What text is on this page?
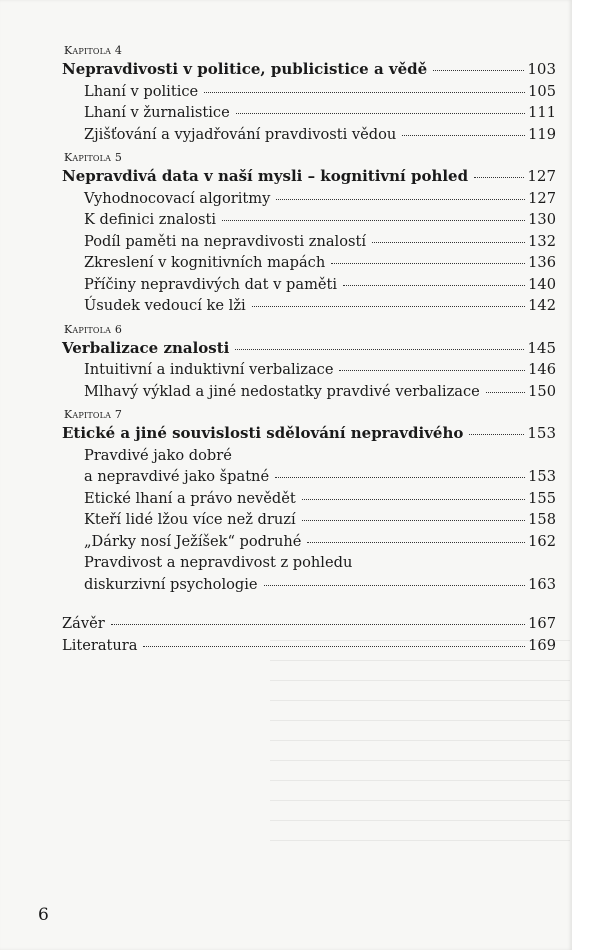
Kapitola 4
Nepravdivosti v politice, publicistice a vědě	103
Lhaní v politice	105
Lhaní v žurnalistice	111
Zjišťování a vyjadřování pravdivosti vědou	119
Kapitola 5
Nepravdivá data v naší mysli – kognitivní pohled	127
Vyhodnocovací algoritmy	127
K definici znalosti	130
Podíl paměti na nepravdivosti znalostí	132
Zkreslení v kognitivních mapách	136
Příčiny nepravdivých dat v paměti	140
Úsudek vedoucí ke lži	142
Kapitola 6
Verbalizace znalosti	145
Intuitivní a induktivní verbalizace	146
Mlhavý výklad a jiné nedostatky pravdivé verbalizace	150
Kapitola 7
Etické a jiné souvislosti sdělování nepravdivého	153
Pravdivé jako dobré
a nepravdivé jako špatné	153
Etické lhaní a právo nevědět	155
Kteří lidé lžou více než druzí	158
„Dárky nosí Ježíšek“ podruhé	162
Pravdivost a nepravdivost z pohledu
diskurzivní psychologie	163
Závěr	167
Literatura	169
6
